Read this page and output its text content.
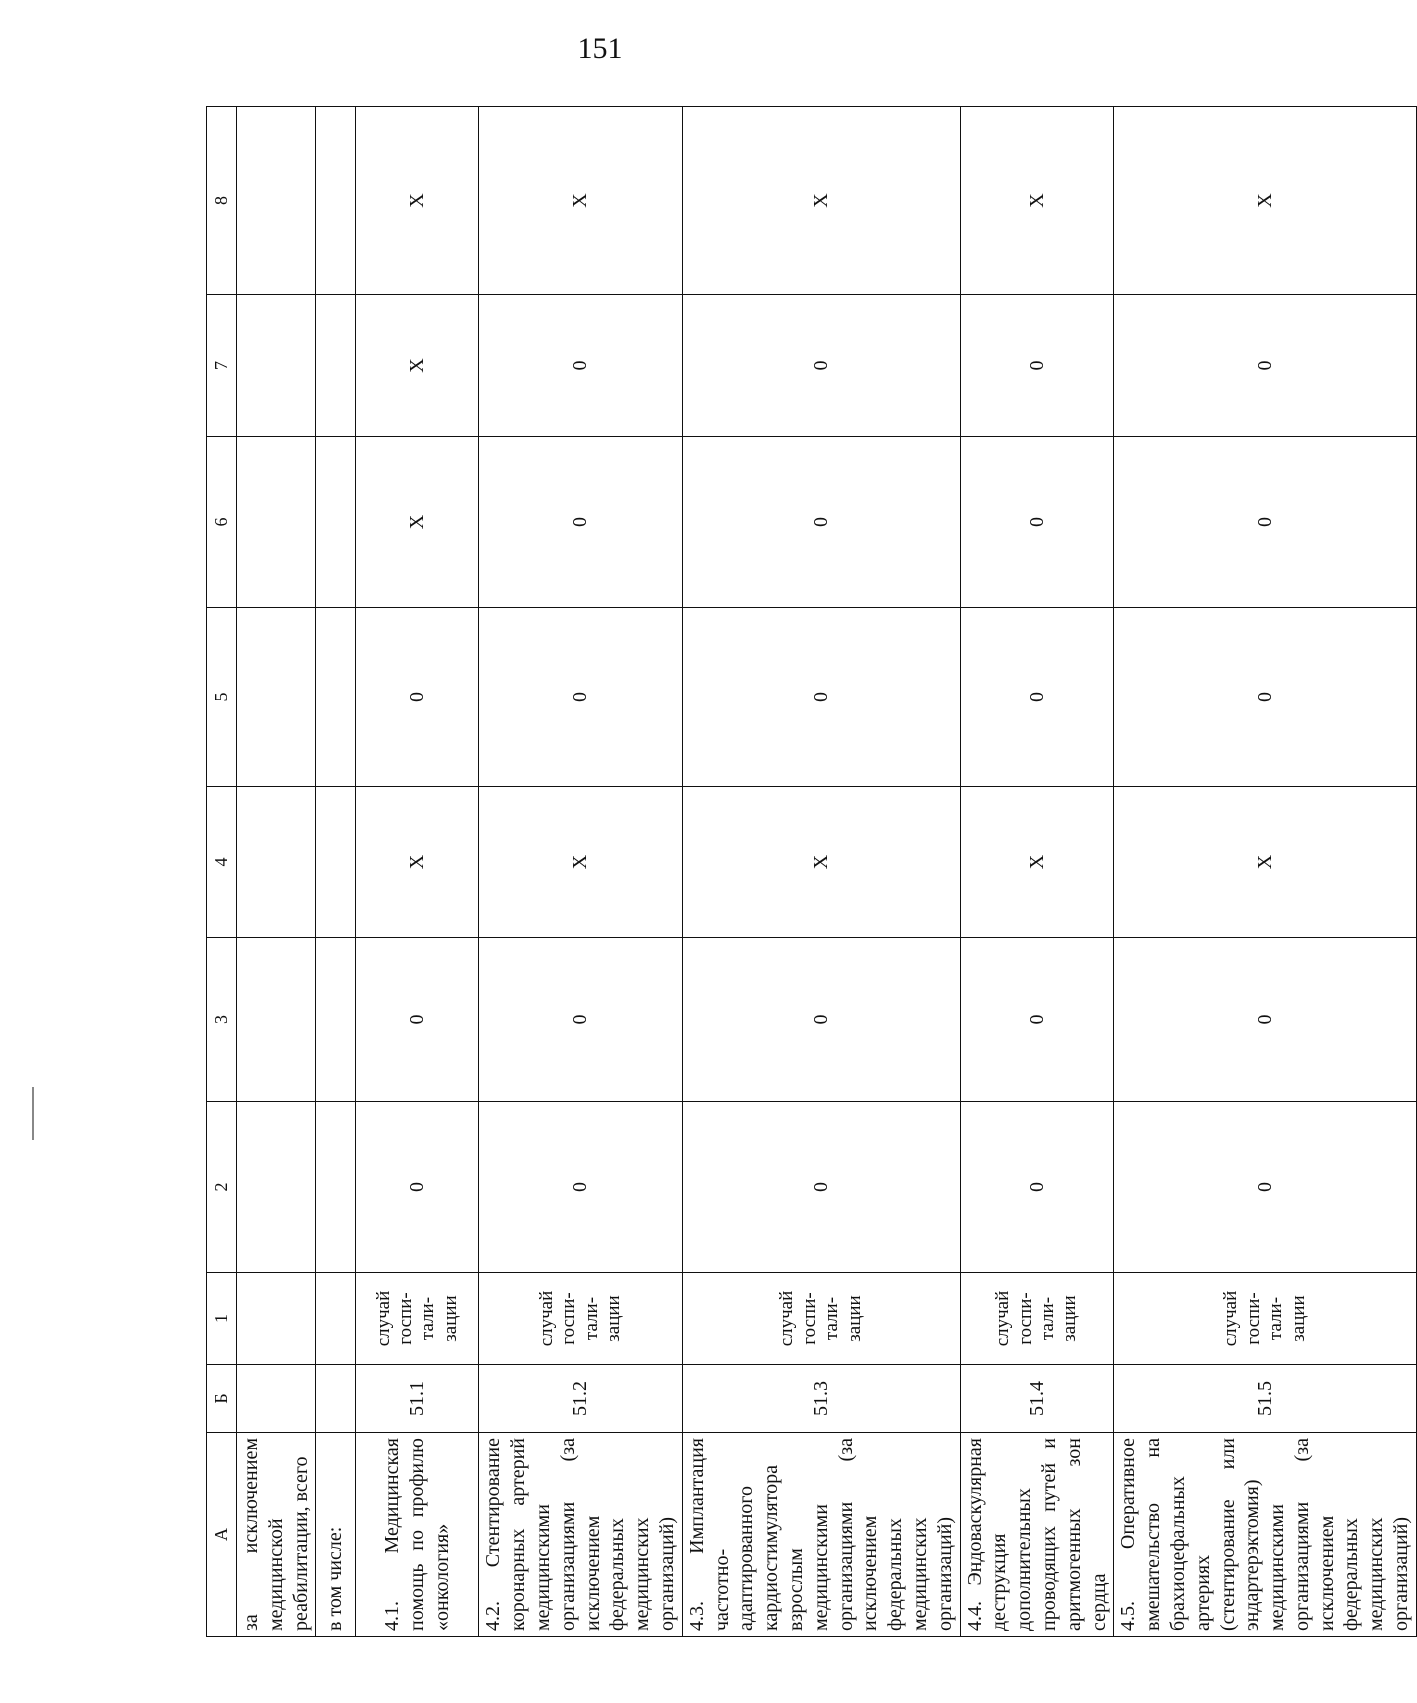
151
А	Б	1	2	3	4	5	6	7	8
за исключением медицинской реабилитации, всего									
в том числе:									
4.1. Медицинская помощь по профилю «онкология»	51.1	случай госпи- тали- зации	0	0	X	0	X	X	X
4.2. Стентирование коронарных артерий медицинскими организациями (за исключением федеральных медицинских организаций)	51.2	случай госпи- тали- зации	0	0	X	0	0	0	X
4.3. Имплантация частотно-адаптированного кардиостимулятора взрослым медицинскими организациями (за исключением федеральных медицинских организаций)	51.3	случай госпи- тали- зации	0	0	X	0	0	0	X
4.4. Эндоваскулярная деструкция дополнительных проводящих путей и аритмогенных зон сердца	51.4	случай госпи- тали- зации	0	0	X	0	0	0	X
4.5. Оперативное вмешательство на брахиоцефальных артериях (стентирование или эндартерэктомия) медицинскими организациями (за исключением федеральных медицинских организаций)	51.5	случай госпи- тали- зации	0	0	X	0	0	0	X
